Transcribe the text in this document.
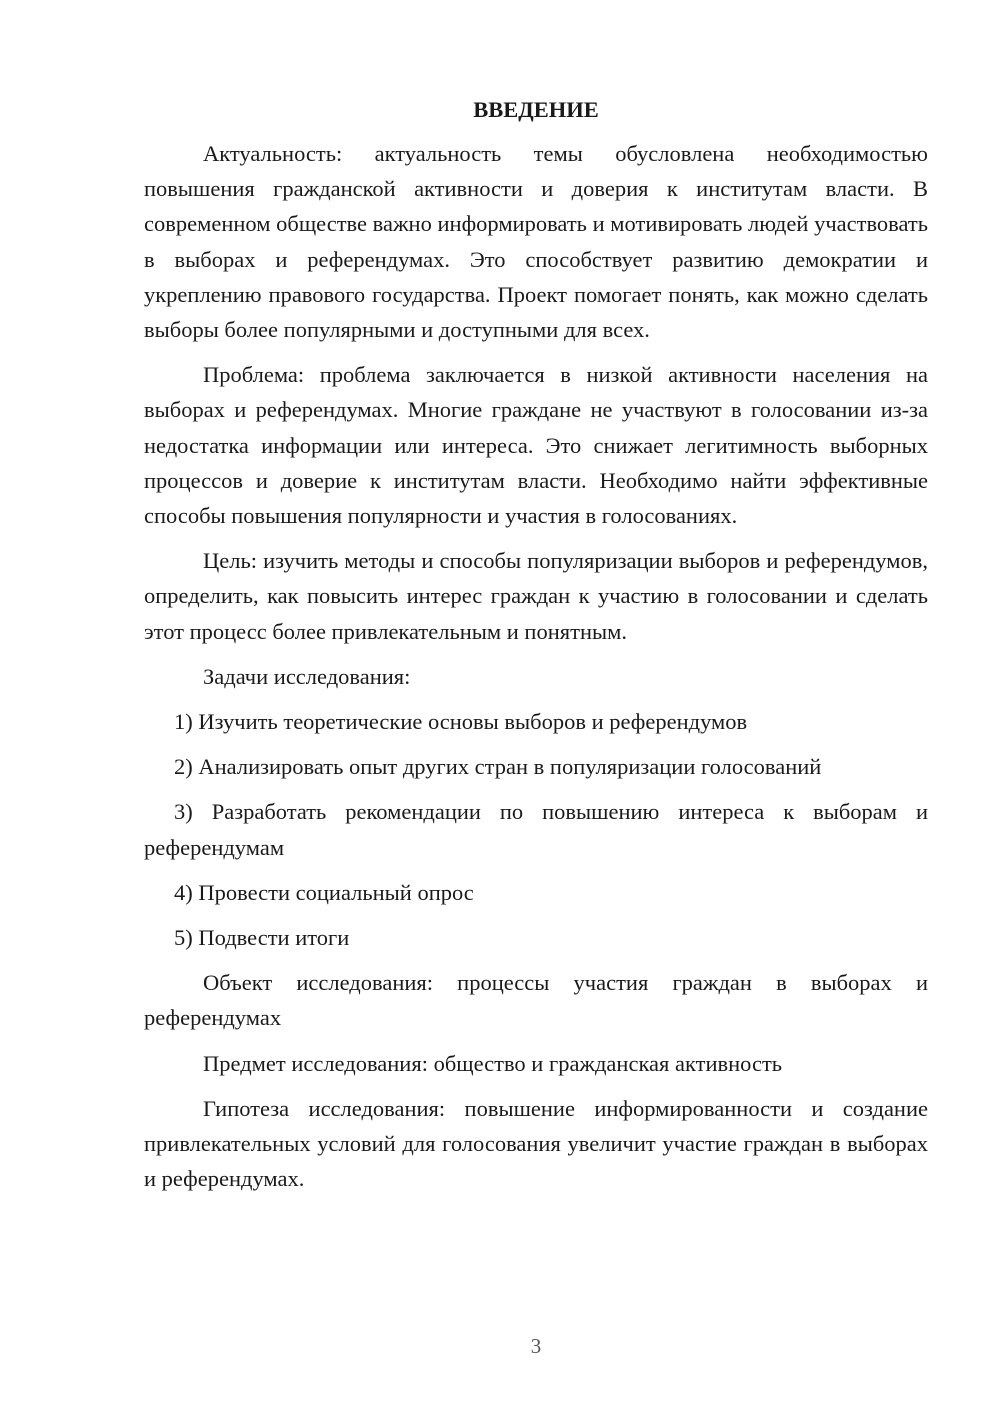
ВВЕДЕНИЕ

Актуальность: актуальность темы обусловлена необходимостью повышения гражданской активности и доверия к институтам власти. В современном обществе важно информировать и мотивировать людей участвовать в выборах и референдумах. Это способствует развитию демократии и укреплению правового государства. Проект помогает понять, как можно сделать выборы более популярными и доступными для всех.

Проблема: проблема заключается в низкой активности населения на выборах и референдумах. Многие граждане не участвуют в голосовании из-за недостатка информации или интереса. Это снижает легитимность выборных процессов и доверие к институтам власти. Необходимо найти эффективные способы повышения популярности и участия в голосованиях.

Цель: изучить методы и способы популяризации выборов и референдумов, определить, как повысить интерес граждан к участию в голосовании и сделать этот процесс более привлекательным и понятным.

Задачи исследования:

1) Изучить теоретические основы выборов и референдумов

2) Анализировать опыт других стран в популяризации голосований

3) Разработать рекомендации по повышению интереса к выборам и референдумам

4) Провести социальный опрос

5) Подвести итоги

Объект исследования: процессы участия граждан в выборах и референдумах

Предмет исследования: общество и гражданская активность

Гипотеза исследования: повышение информированности и создание привлекательных условий для голосования увеличит участие граждан в выборах и референдумах.

3
